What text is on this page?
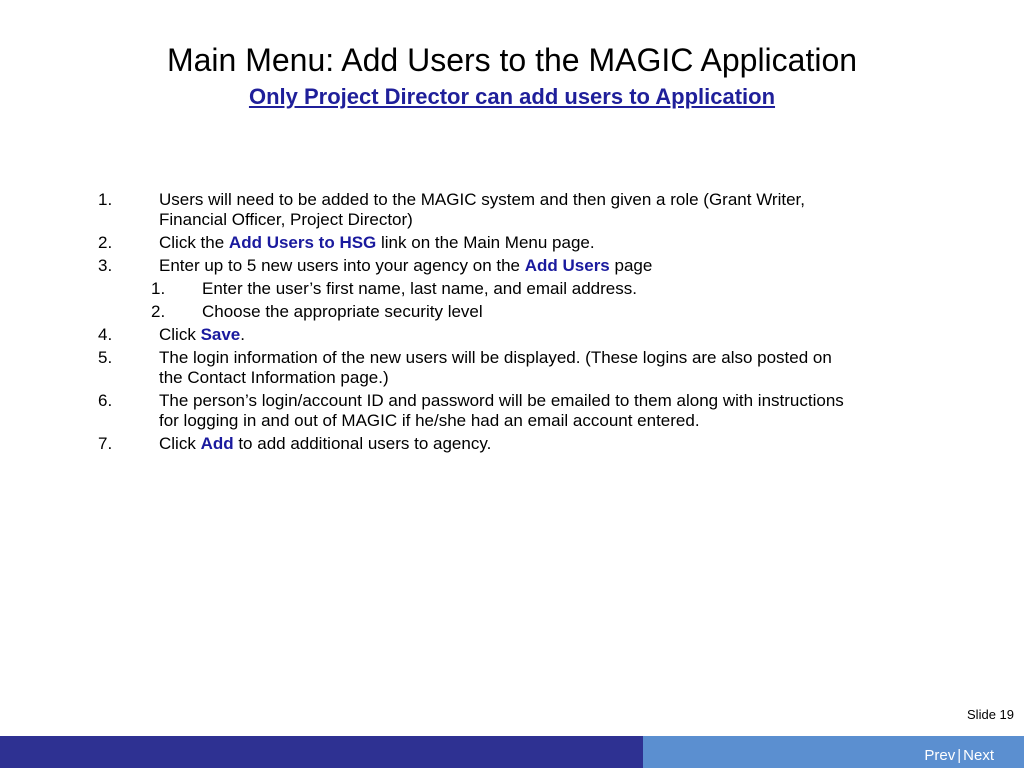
Main Menu: Add Users to the MAGIC Application
Only Project Director can add users to Application
1.	Users will need to be added to the MAGIC system and then given a role (Grant Writer, Financial Officer, Project Director)
2.	Click the Add Users to HSG link on the Main Menu page.
3.	Enter up to 5 new users into your agency on the Add Users page
1. Enter the user’s first name, last name, and email address.
2. Choose the appropriate security level
4.	Click Save.
5.	The login information of the new users will be displayed. (These logins are also posted on the Contact Information page.)
6.	The person’s login/account ID and password will be emailed to them along with instructions for logging in and out of MAGIC if he/she had an email account entered.
7.	Click Add to add additional users to agency.
Slide 19
Prev | Next
